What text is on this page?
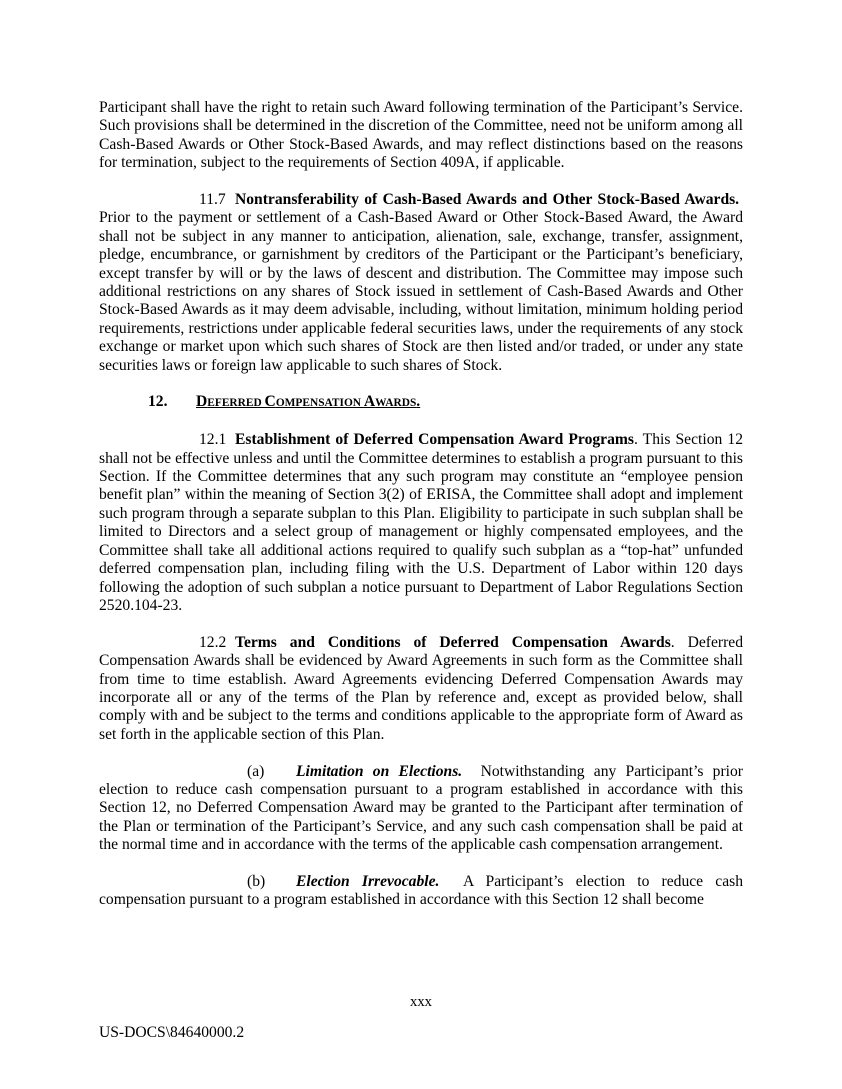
Participant shall have the right to retain such Award following termination of the Participant’s Service. Such provisions shall be determined in the discretion of the Committee, need not be uniform among all Cash-Based Awards or Other Stock-Based Awards, and may reflect distinctions based on the reasons for termination, subject to the requirements of Section 409A, if applicable.

11.7 Nontransferability of Cash-Based Awards and Other Stock-Based Awards.  Prior to the payment or settlement of a Cash-Based Award or Other Stock-Based Award, the Award shall not be subject in any manner to anticipation, alienation, sale, exchange, transfer, assignment, pledge, encumbrance, or garnishment by creditors of the Participant or the Participant’s beneficiary, except transfer by will or by the laws of descent and distribution. The Committee may impose such additional restrictions on any shares of Stock issued in settlement of Cash-Based Awards and Other Stock-Based Awards as it may deem advisable, including, without limitation, minimum holding period requirements, restrictions under applicable federal securities laws, under the requirements of any stock exchange or market upon which such shares of Stock are then listed and/or traded, or under any state securities laws or foreign law applicable to such shares of Stock.

12. DEFERRED COMPENSATION AWARDS.

12.1 Establishment of Deferred Compensation Award Programs. This Section 12 shall not be effective unless and until the Committee determines to establish a program pursuant to this Section. If the Committee determines that any such program may constitute an “employee pension benefit plan” within the meaning of Section 3(2) of ERISA, the Committee shall adopt and implement such program through a separate subplan to this Plan. Eligibility to participate in such subplan shall be limited to Directors and a select group of management or highly compensated employees, and the Committee shall take all additional actions required to qualify such subplan as a “top-hat” unfunded deferred compensation plan, including filing with the U.S. Department of Labor within 120 days following the adoption of such subplan a notice pursuant to Department of Labor Regulations Section 2520.104-23.

12.2 Terms and Conditions of Deferred Compensation Awards. Deferred Compensation Awards shall be evidenced by Award Agreements in such form as the Committee shall from time to time establish. Award Agreements evidencing Deferred Compensation Awards may incorporate all or any of the terms of the Plan by reference and, except as provided below, shall comply with and be subject to the terms and conditions applicable to the appropriate form of Award as set forth in the applicable section of this Plan.

(a) Limitation on Elections. Notwithstanding any Participant’s prior election to reduce cash compensation pursuant to a program established in accordance with this Section 12, no Deferred Compensation Award may be granted to the Participant after termination of the Plan or termination of the Participant’s Service, and any such cash compensation shall be paid at the normal time and in accordance with the terms of the applicable cash compensation arrangement.

(b) Election Irrevocable. A Participant’s election to reduce cash compensation pursuant to a program established in accordance with this Section 12 shall become

xxx
US-DOCS\84640000.2
